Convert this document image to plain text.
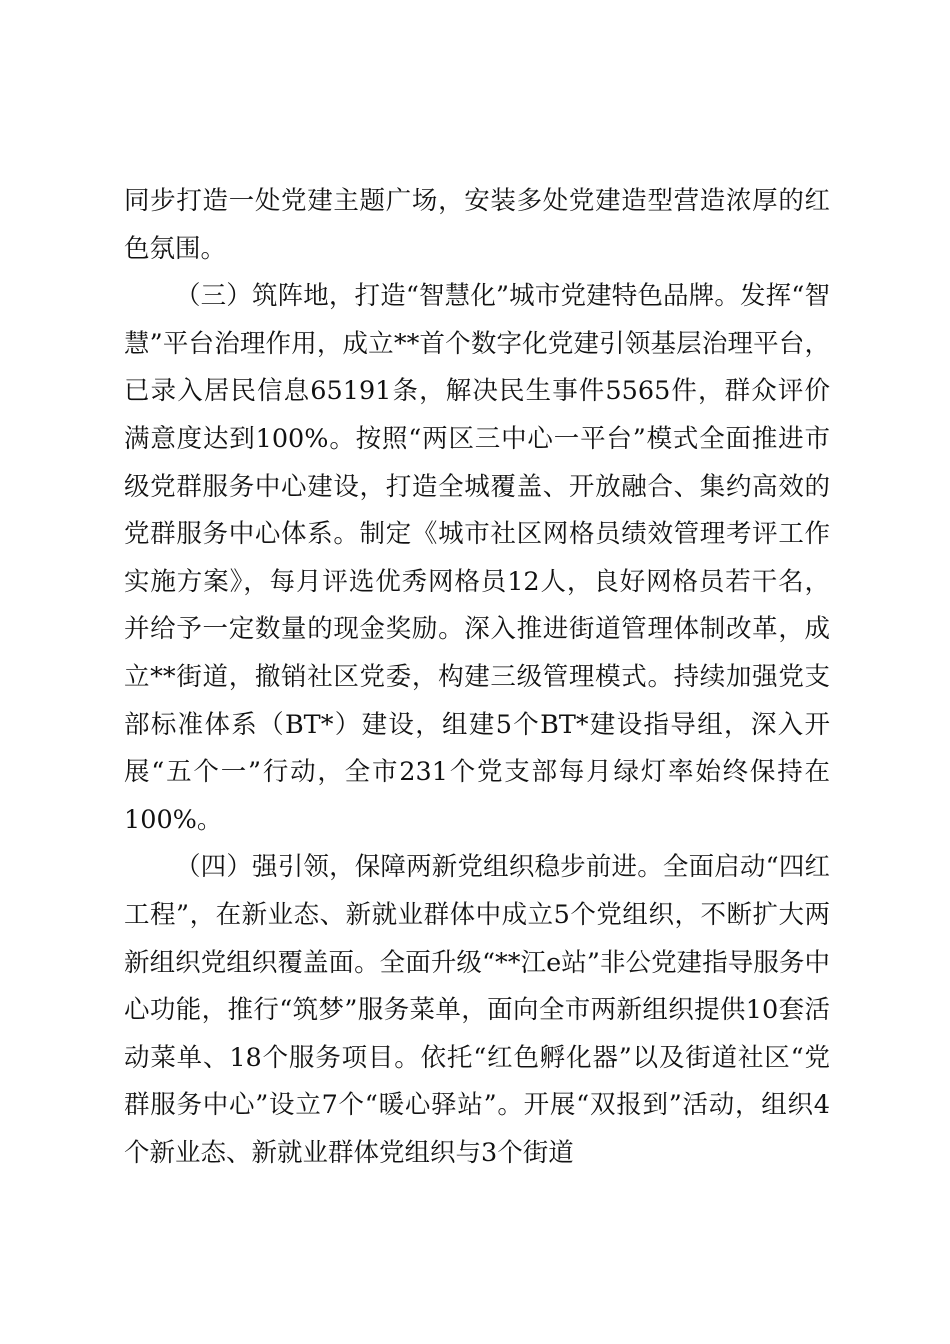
同步打造一处党建主题广场，安装多处党建造型营造浓厚的红色氛围。

（三）筑阵地，打造“智慧化”城市党建特色品牌。发挥“智慧”平台治理作用，成立**首个数字化党建引领基层治理平台，已录入居民信息65191条，解决民生事件5565件，群众评价满意度达到100%。按照“两区三中心一平台”模式全面推进市级党群服务中心建设，打造全城覆盖、开放融合、集约高效的党群服务中心体系。制定《城市社区网格员绩效管理考评工作实施方案》，每月评选优秀网格员12人，良好网格员若干名，并给予一定数量的现金奖励。深入推进街道管理体制改革，成立**街道，撤销社区党委，构建三级管理模式。持续加强党支部标准体系（BT*）建设，组建5个BT*建设指导组，深入开展“五个一”行动，全市231个党支部每月绿灯率始终保持在100%。

（四）强引领，保障两新党组织稳步前进。全面启动“四红工程”，在新业态、新就业群体中成立5个党组织，不断扩大两新组织党组织覆盖面。全面升级“**江e站”非公党建指导服务中心功能，推行“筑梦”服务菜单，面向全市两新组织提供10套活动菜单、18个服务项目。依托“红色孵化器”以及街道社区“党群服务中心”设立7个“暖心驿站”。开展“双报到”活动，组织4个新业态、新就业群体党组织与3个街道
